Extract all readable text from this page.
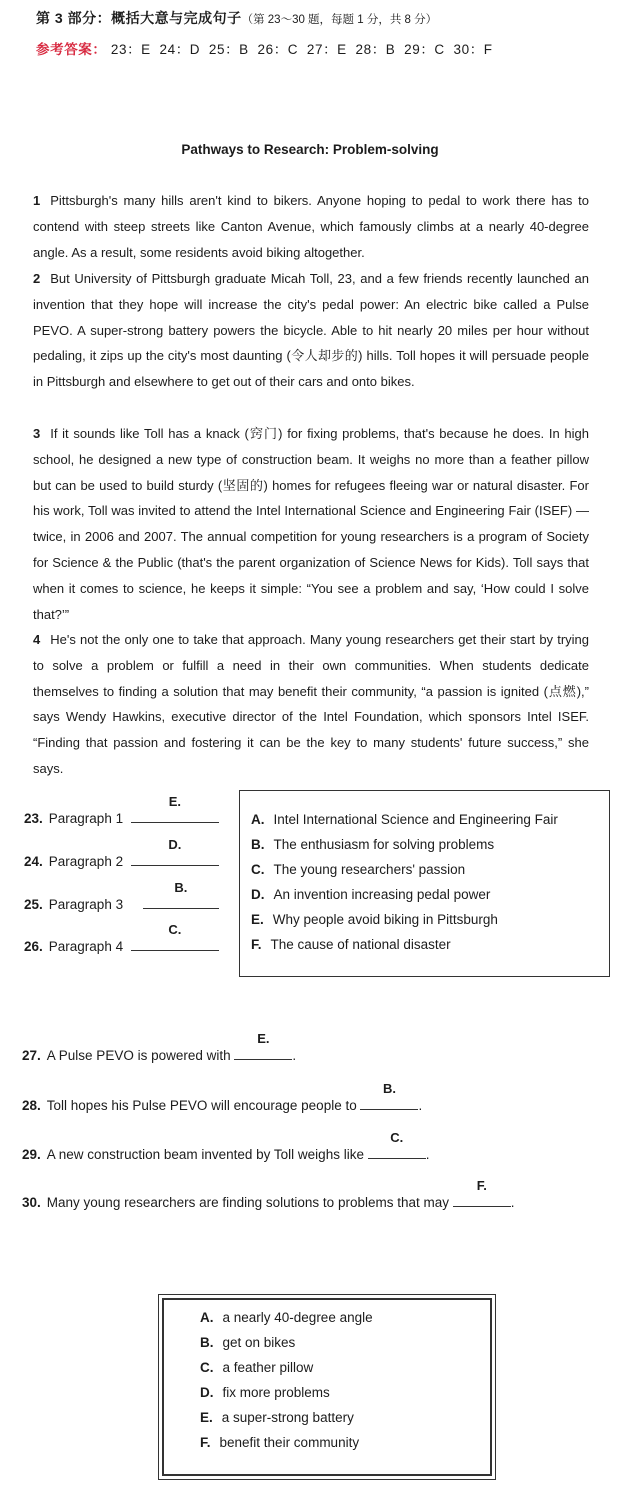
第 3 部分：概括大意与完成句子（第 23～30 题，每题 1 分，共 8 分）
参考答案： 23：E 24：D 25：B 26：C 27：E 28：B 29：C 30：F
Pathways to Research: Problem-solving
1 Pittsburgh's many hills aren't kind to bikers. Anyone hoping to pedal to work there has to contend with steep streets like Canton Avenue, which famously climbs at a nearly 40-degree angle. As a result, some residents avoid biking altogether.
2 But University of Pittsburgh graduate Micah Toll, 23, and a few friends recently launched an invention that they hope will increase the city's pedal power: An electric bike called a Pulse PEVO. A super-strong battery powers the bicycle. Able to hit nearly 20 miles per hour without pedaling, it zips up the city's most daunting (令人却步的) hills. Toll hopes it will persuade people in Pittsburgh and elsewhere to get out of their cars and onto bikes.
3 If it sounds like Toll has a knack (窍门) for fixing problems, that's because he does. In high school, he designed a new type of construction beam. It weighs no more than a feather pillow but can be used to build sturdy (坚固的) homes for refugees fleeing war or natural disaster. For his work, Toll was invited to attend the Intel International Science and Engineering Fair (ISEF) — twice, in 2006 and 2007. The annual competition for young researchers is a program of Society for Science & the Public (that's the parent organization of Science News for Kids). Toll says that when it comes to science, he keeps it simple: “You see a problem and say, ‘How could I solve that?’”
4 He's not the only one to take that approach. Many young researchers get their start by trying to solve a problem or fulfill a need in their own communities. When students dedicate themselves to finding a solution that may benefit their community, “a passion is ignited (点燃),” says Wendy Hawkins, executive director of the Intel Foundation, which sponsors Intel ISEF. “Finding that passion and fostering it can be the key to many students' future success,” she says.
23. Paragraph 1
E.
24. Paragraph 2
D.
25. Paragraph 3
B.
26. Paragraph 4
C.
A. Intel International Science and Engineering Fair
B. The enthusiasm for solving problems
C. The young researchers' passion
D. An invention increasing pedal power
E. Why people avoid biking in Pittsburgh
F. The cause of national disaster
27. A Pulse PEVO is powered with
E.
.
28. Toll hopes his Pulse PEVO will encourage people to
B.
.
29. A new construction beam invented by Toll weighs like
C.
.
30. Many young researchers are finding solutions to problems that may
F.
.
A. a nearly 40-degree angle
B. get on bikes
C. a feather pillow
D. fix more problems
E. a super-strong battery
F. benefit their community
